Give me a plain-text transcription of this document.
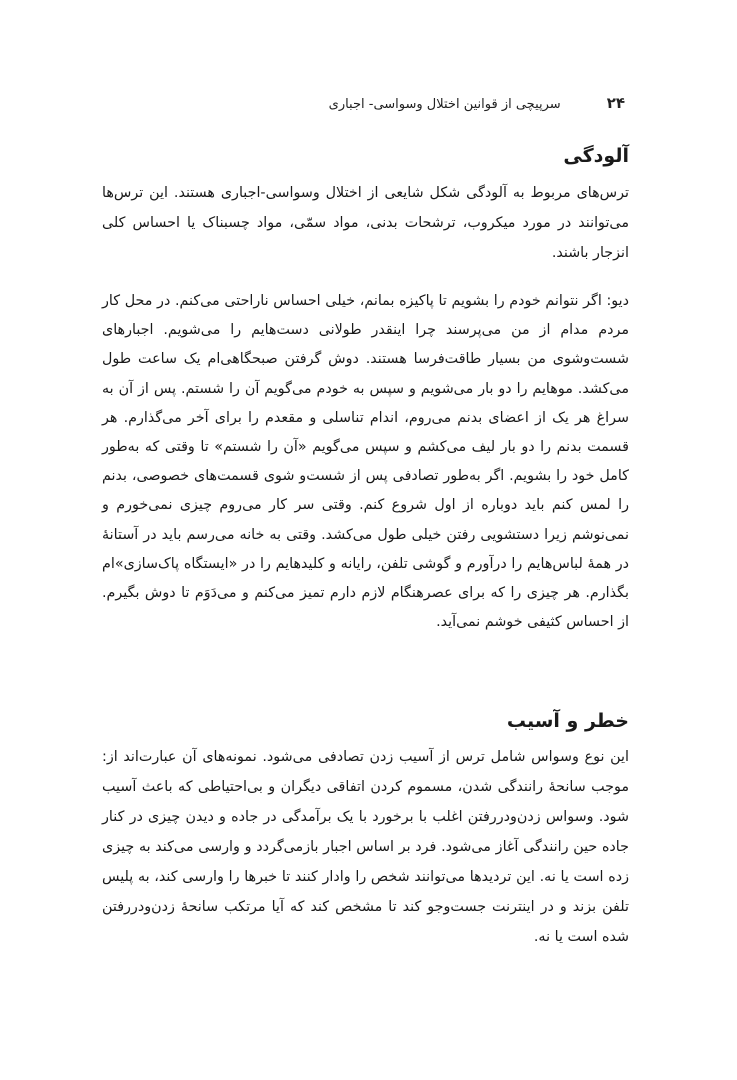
۲۴
سرپیچی از قوانین اختلال وسواسی- اجباری
آلودگی

ترس‌های مربوط به آلودگی شکل شایعی از اختلال وسواسی-اجباری هستند. این ترس‌ها می‌توانند در مورد میکروب، ترشحات بدنی، مواد سمّی، مواد چسبناک یا احساس کلی انزجار باشند.

دیو: اگر نتوانم خودم را بشویم تا پاکیزه بمانم، خیلی احساس ناراحتی می‌کنم. در محل کار مردم مدام از من می‌پرسند چرا اینقدر طولانی دست‌هایم را می‌شویم. اجبارهای شست‌وشوی من بسیار طاقت‌فرسا هستند. دوش گرفتن صبحگاهی‌ام یک ساعت طول می‌کشد. موهایم را دو بار می‌شویم و سپس به خودم می‌گویم آن را شستم. پس از آن به سراغ هر یک از اعضای بدنم می‌روم، اندام تناسلی و مقعدم را برای آخر می‌گذارم. هر قسمت بدنم را دو بار لیف می‌کشم و سپس می‌گویم «آن را شستم» تا وقتی که به‌طور کامل خود را بشویم. اگر به‌طور تصادفی پس از شست‌و شوی قسمت‌های خصوصی، بدنم را لمس کنم باید دوباره از اول شروع کنم. وقتی سر کار می‌روم چیزی نمی‌خورم و نمی‌نوشم زیرا دستشویی رفتن خیلی طول می‌کشد. وقتی به خانه می‌رسم باید در آستانهٔ در همهٔ لباس‌هایم را درآورم و گوشی تلفن، رایانه و کلیدهایم را در «ایستگاه پاک‌سازی»ام بگذارم. هر چیزی را که برای عصرهنگام لازم دارم تمیز می‌کنم و می‌دَوَم تا دوش بگیرم. از احساس کثیفی خوشم نمی‌آید.

خطر و آسیب

این نوع وسواس شامل ترس از آسیب زدن تصادفی می‌شود. نمونه‌های آن عبارت‌اند از: موجب سانحهٔ رانندگی شدن، مسموم کردن اتفاقی دیگران و بی‌احتیاطی که باعث آسیب شود. وسواس زدن‌ودررفتن اغلب با برخورد با یک برآمدگی در جاده و دیدن چیزی در کنار جاده حین رانندگی آغاز می‌شود. فرد بر اساس اجبار بازمی‌گردد و وارسی می‌کند به چیزی زده است یا نه. این تردیدها می‌توانند شخص را وادار کنند تا خبرها را وارسی کند، به پلیس تلفن بزند و در اینترنت جست‌وجو کند تا مشخص کند که آیا مرتکب سانحهٔ زدن‌ودررفتن شده است یا نه.
